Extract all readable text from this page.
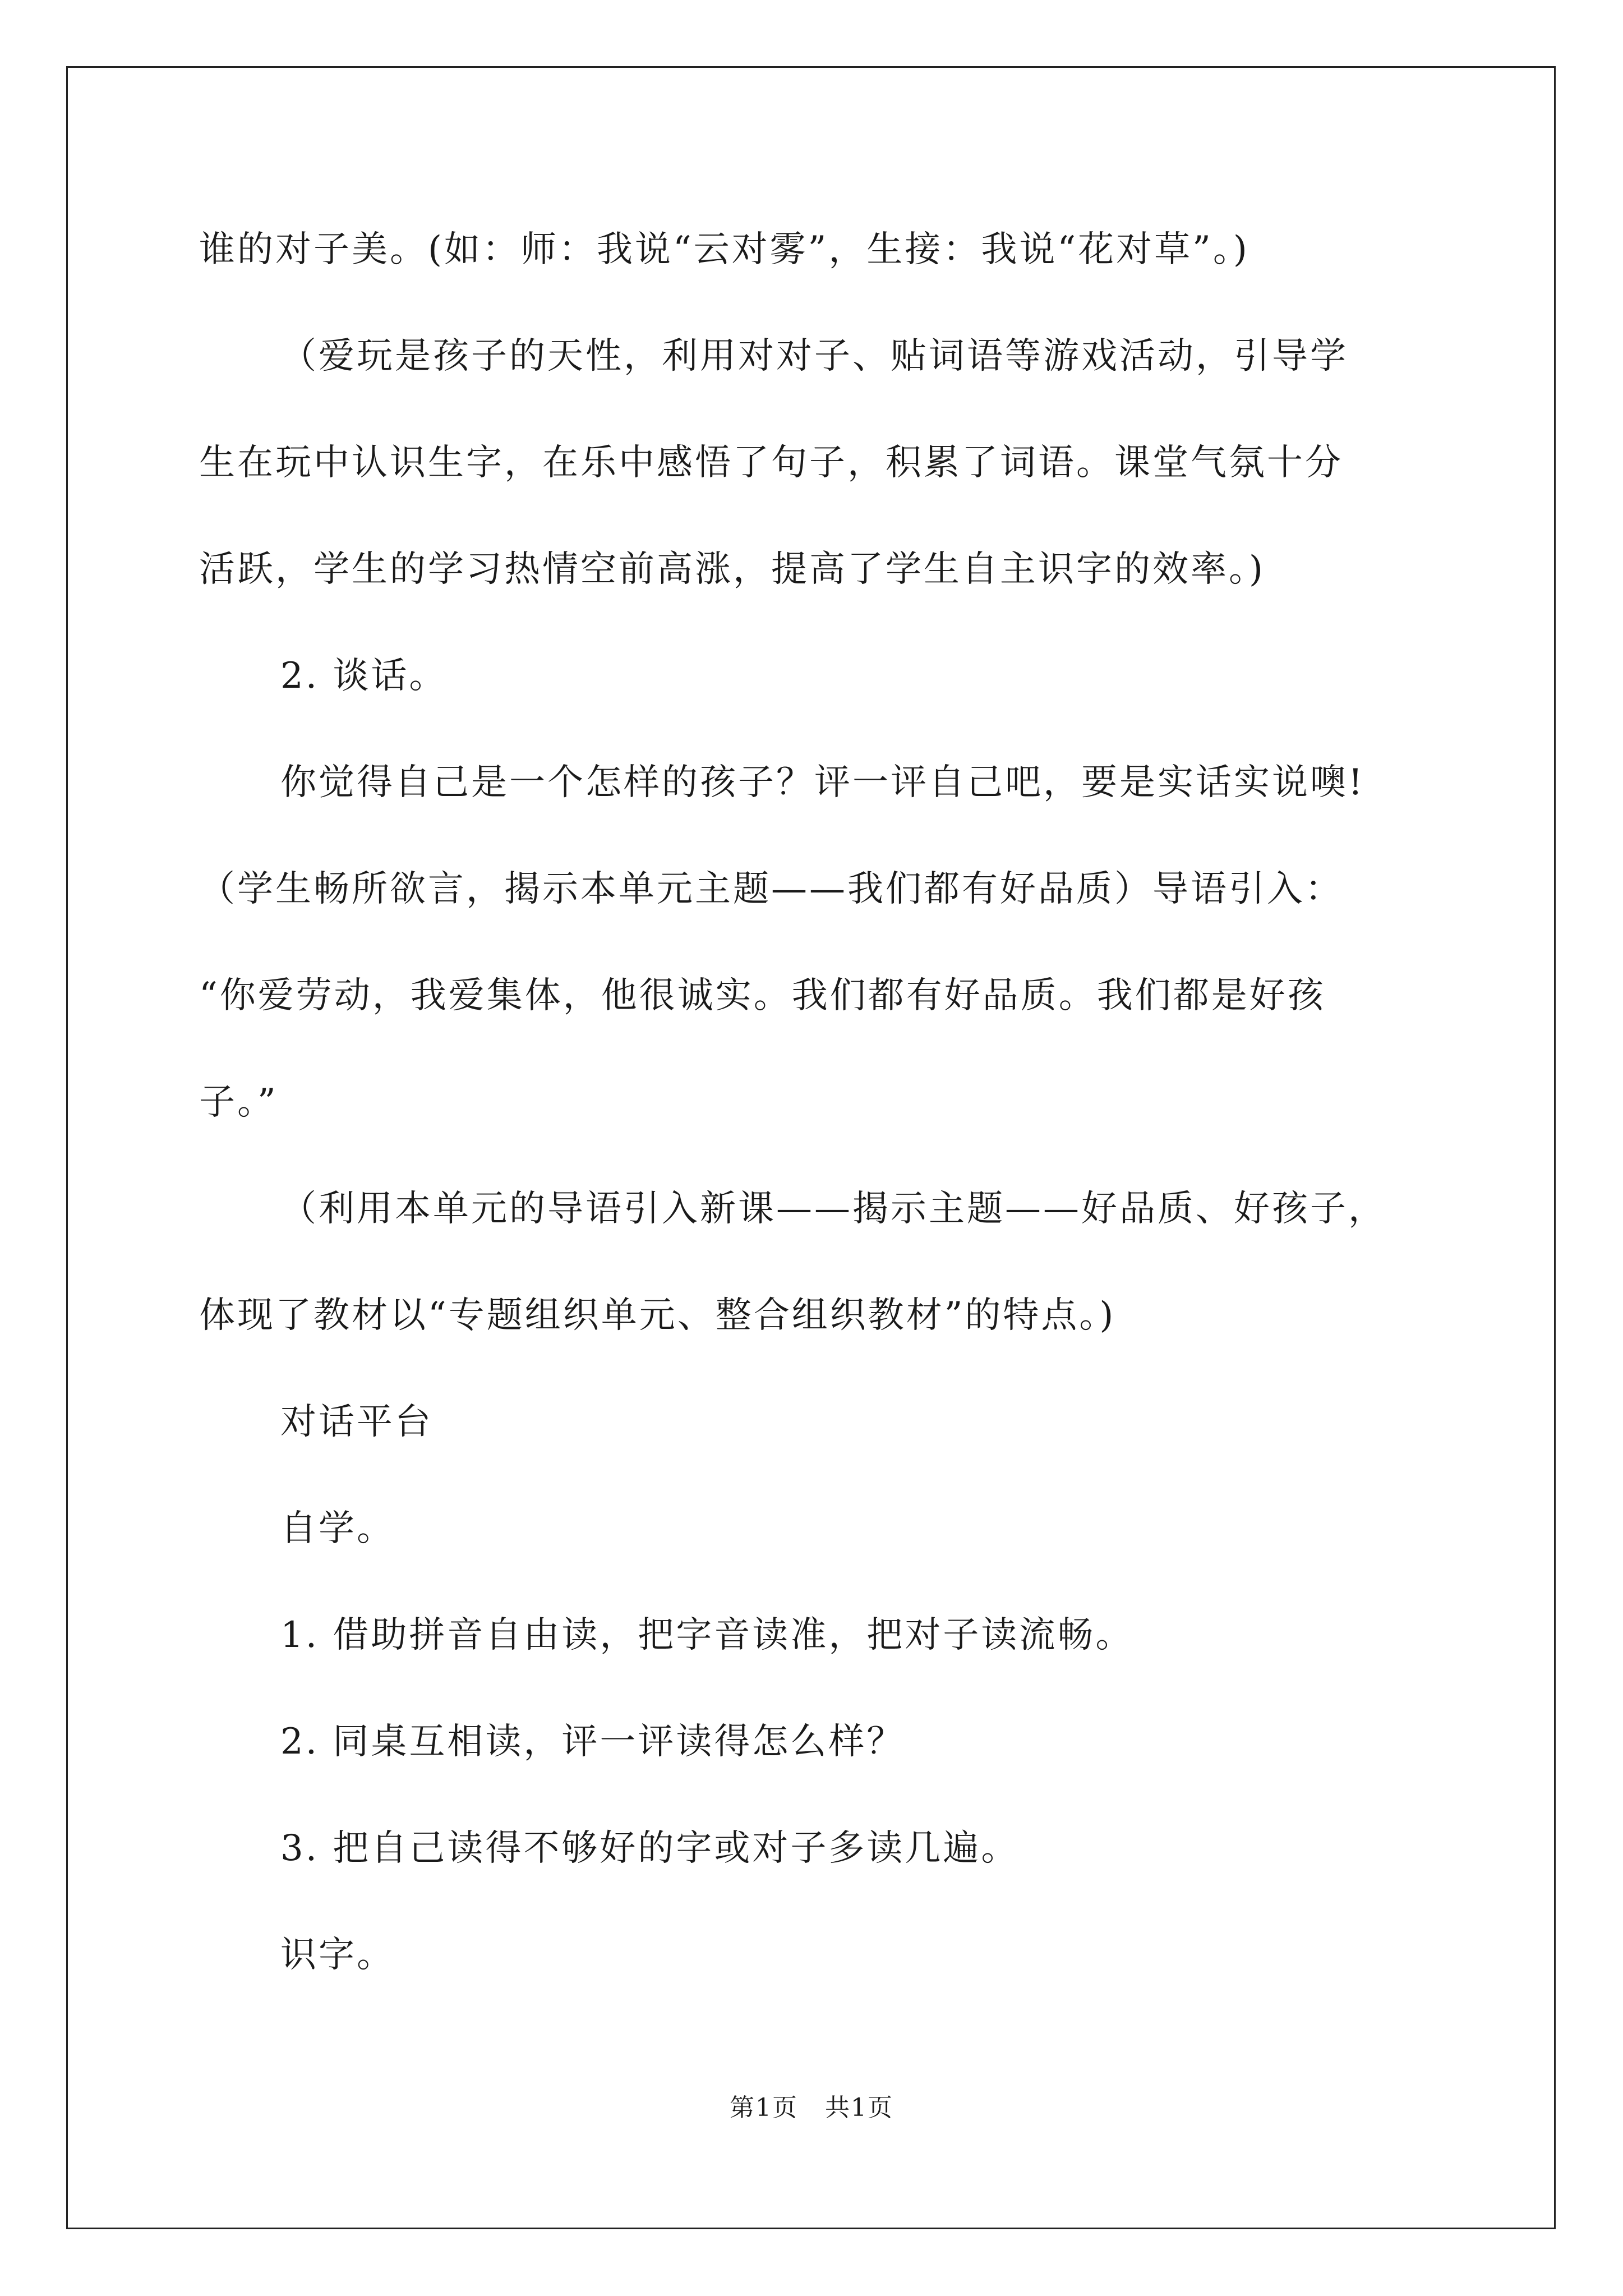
谁的对子美。(如：师：我说“云对雾”，生接：我说“花对草”。)
（爱玩是孩子的天性，利用对对子、贴词语等游戏活动，引导学
生在玩中认识生字，在乐中感悟了句子，积累了词语。课堂气氛十分
活跃，学生的学习热情空前高涨，提高了学生自主识字的效率。)
2. 谈话。
你觉得自己是一个怎样的孩子？评一评自己吧，要是实话实说噢!
（学生畅所欲言，揭示本单元主题——我们都有好品质）导语引入：
“你爱劳动，我爱集体，他很诚实。我们都有好品质。我们都是好孩
子。”
（利用本单元的导语引入新课——揭示主题——好品质、好孩子，
体现了教材以“专题组织单元、整合组织教材”的特点。)
对话平台
自学。
1. 借助拼音自由读，把字音读准，把对子读流畅。
2. 同桌互相读，评一评读得怎么样？
3. 把自己读得不够好的字或对子多读几遍。
识字。
第1页   共1页
